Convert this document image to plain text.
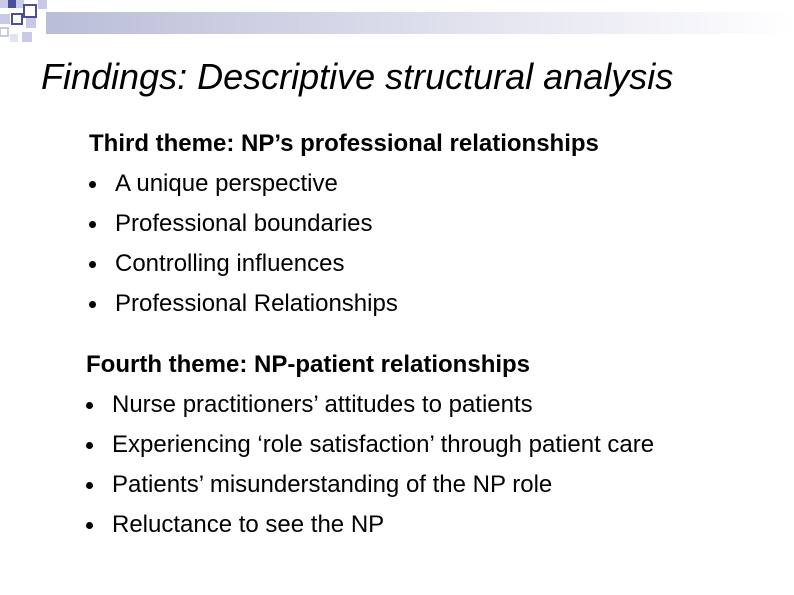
Findings: Descriptive structural analysis
Third theme: NP’s professional relationships
A unique perspective
Professional boundaries
Controlling influences
Professional Relationships
Fourth theme: NP-patient relationships
Nurse practitioners’ attitudes to patients
Experiencing ‘role satisfaction’ through patient care
Patients’ misunderstanding of the NP role
Reluctance to see the NP
